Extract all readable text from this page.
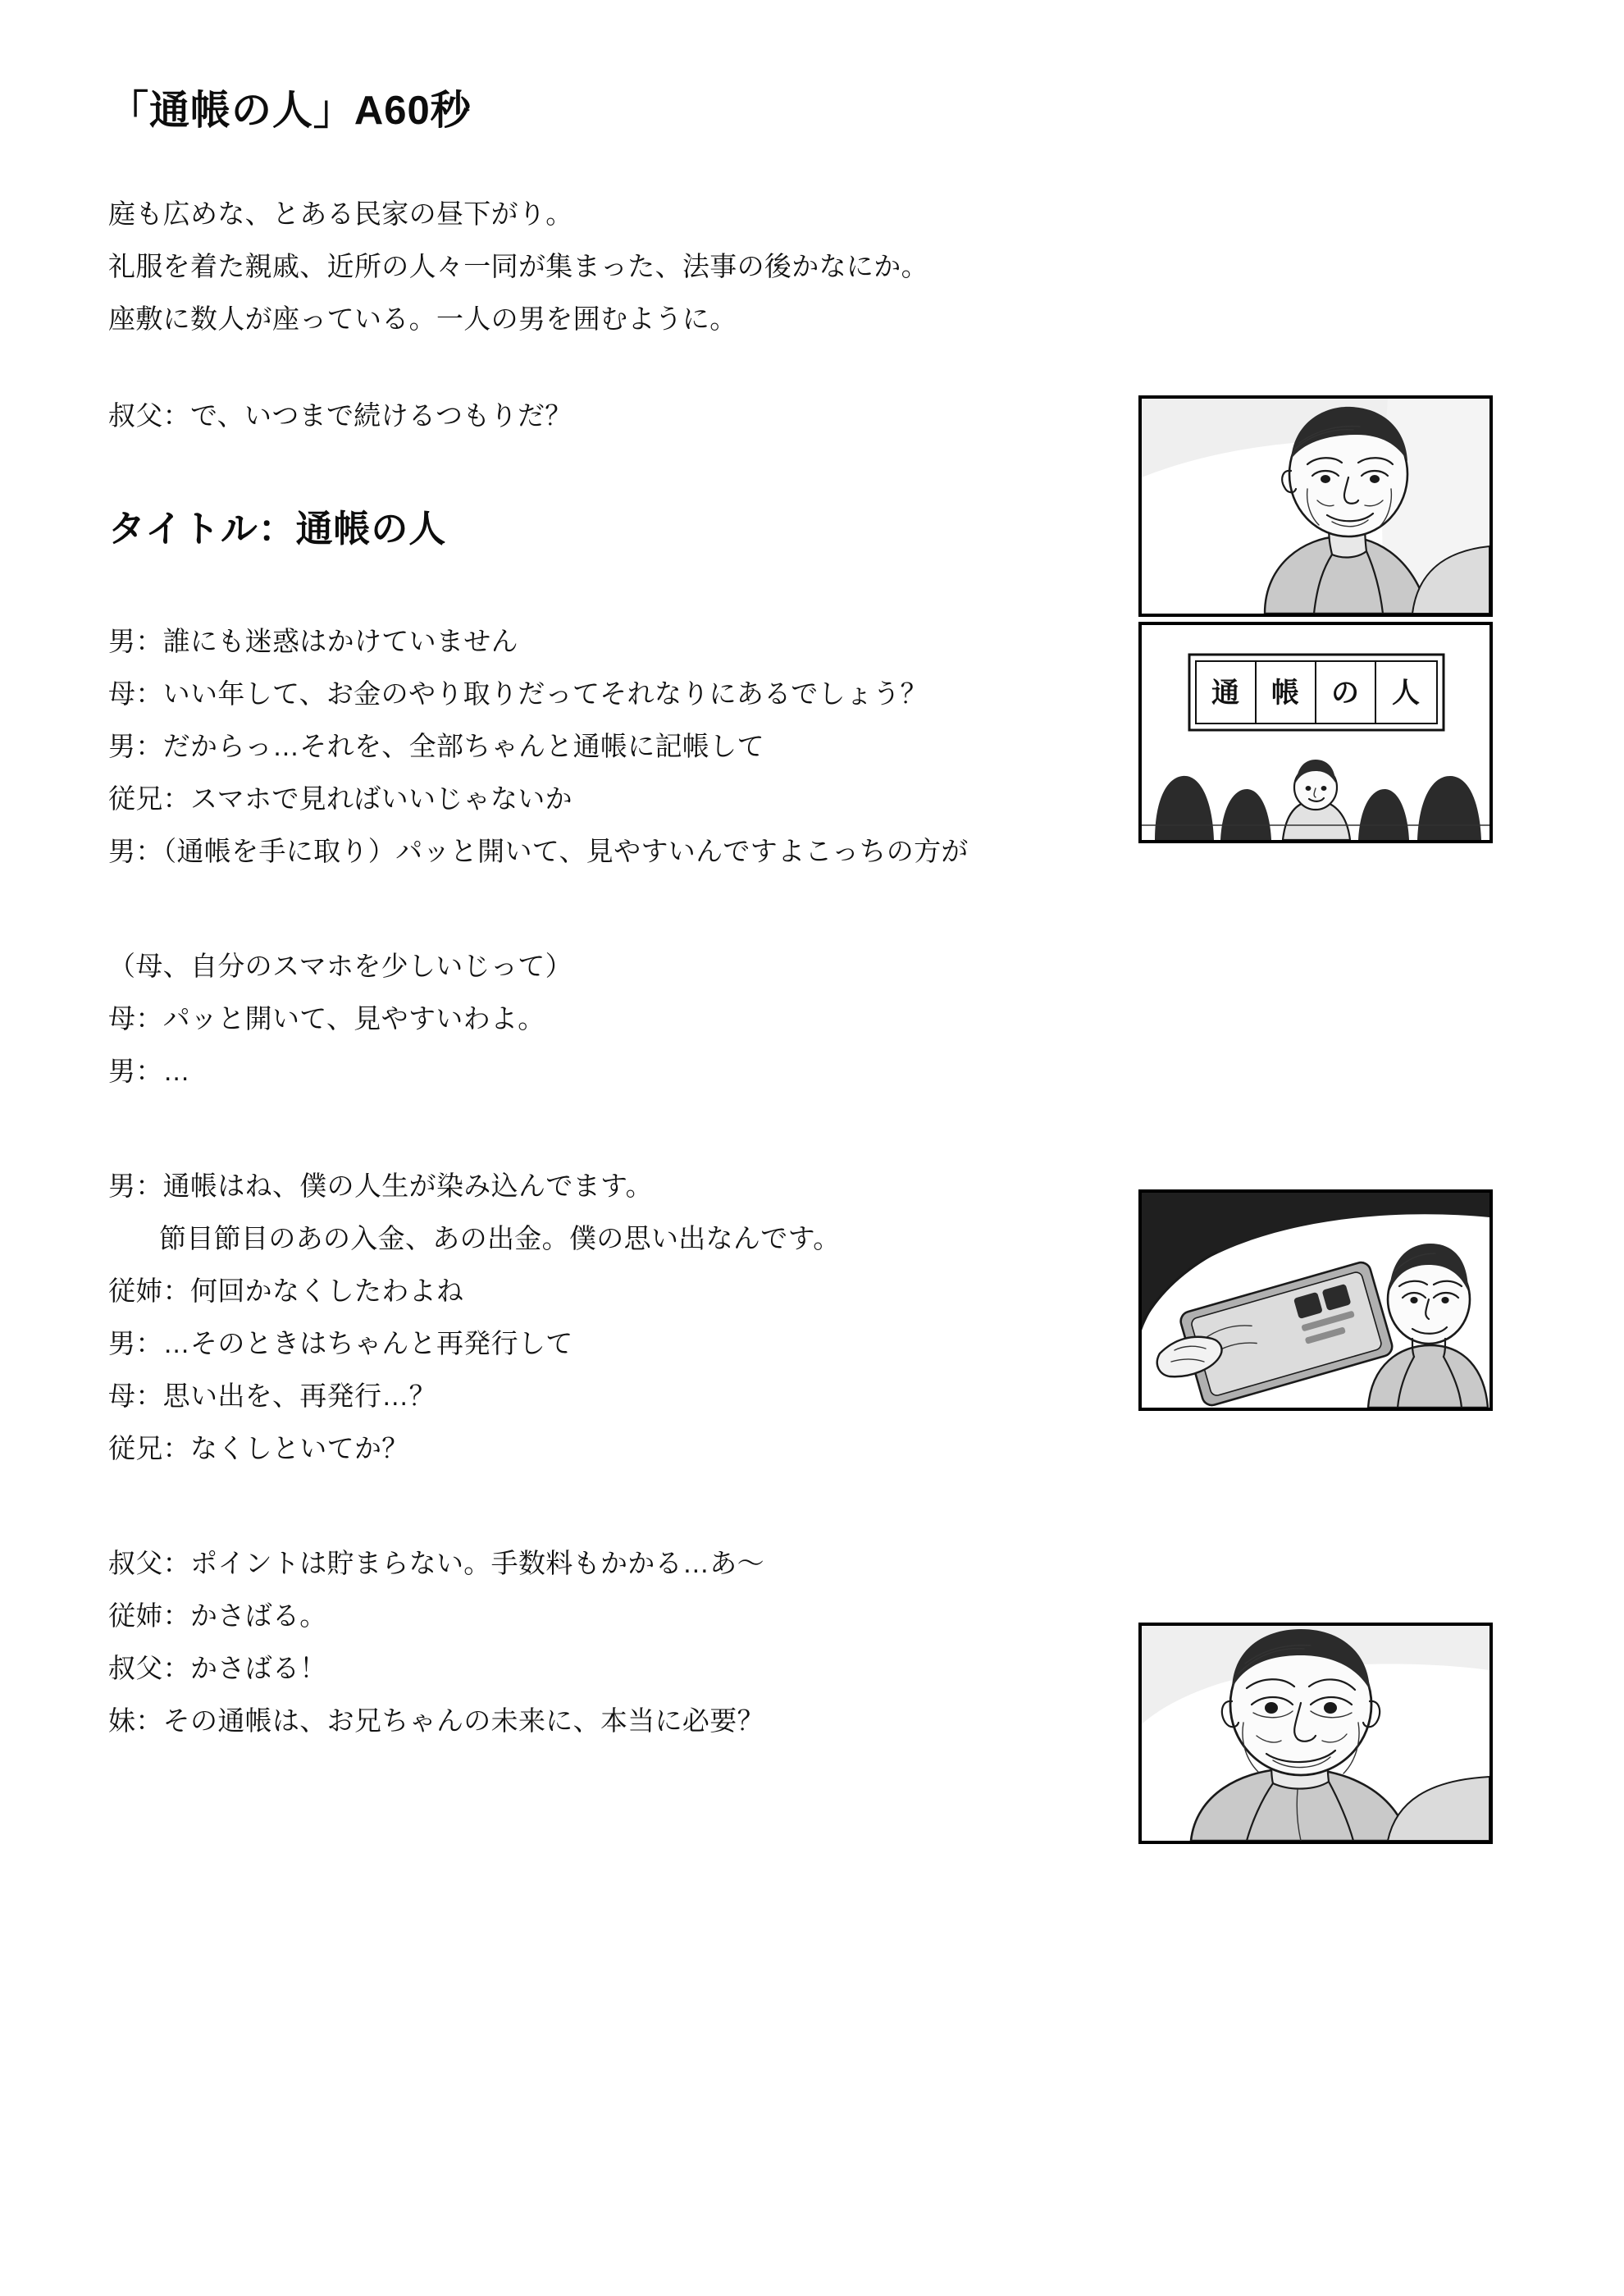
「通帳の人」A60秒

庭も広めな、とある民家の昼下がり。

礼服を着た親戚、近所の人々一同が集まった、法事の後かなにか。

座敷に数人が座っている。一人の男を囲むように。

叔父：で、いつまで続けるつもりだ？

タイトル：通帳の人

男：誰にも迷惑はかけていません

母：いい年して、お金のやり取りだってそれなりにあるでしょう？

男：だからっ…それを、全部ちゃんと通帳に記帳して

従兄：スマホで見ればいいじゃないか

男：（通帳を手に取り）パッと開いて、見やすいんですよこっちの方が

（母、自分のスマホを少しいじって）

母：パッと開いて、見やすいわよ。

男：…

男：通帳はね、僕の人生が染み込んでます。

節目節目のあの入金、あの出金。僕の思い出なんです。

従姉：何回かなくしたわよね

男：…そのときはちゃんと再発行して

母：思い出を、再発行…？

従兄：なくしといてか？

叔父：ポイントは貯まらない。手数料もかかる…あ〜

従姉：かさばる。

叔父：かさばる！

妹：その通帳は、お兄ちゃんの未来に、本当に必要？

通 帳 の 人
